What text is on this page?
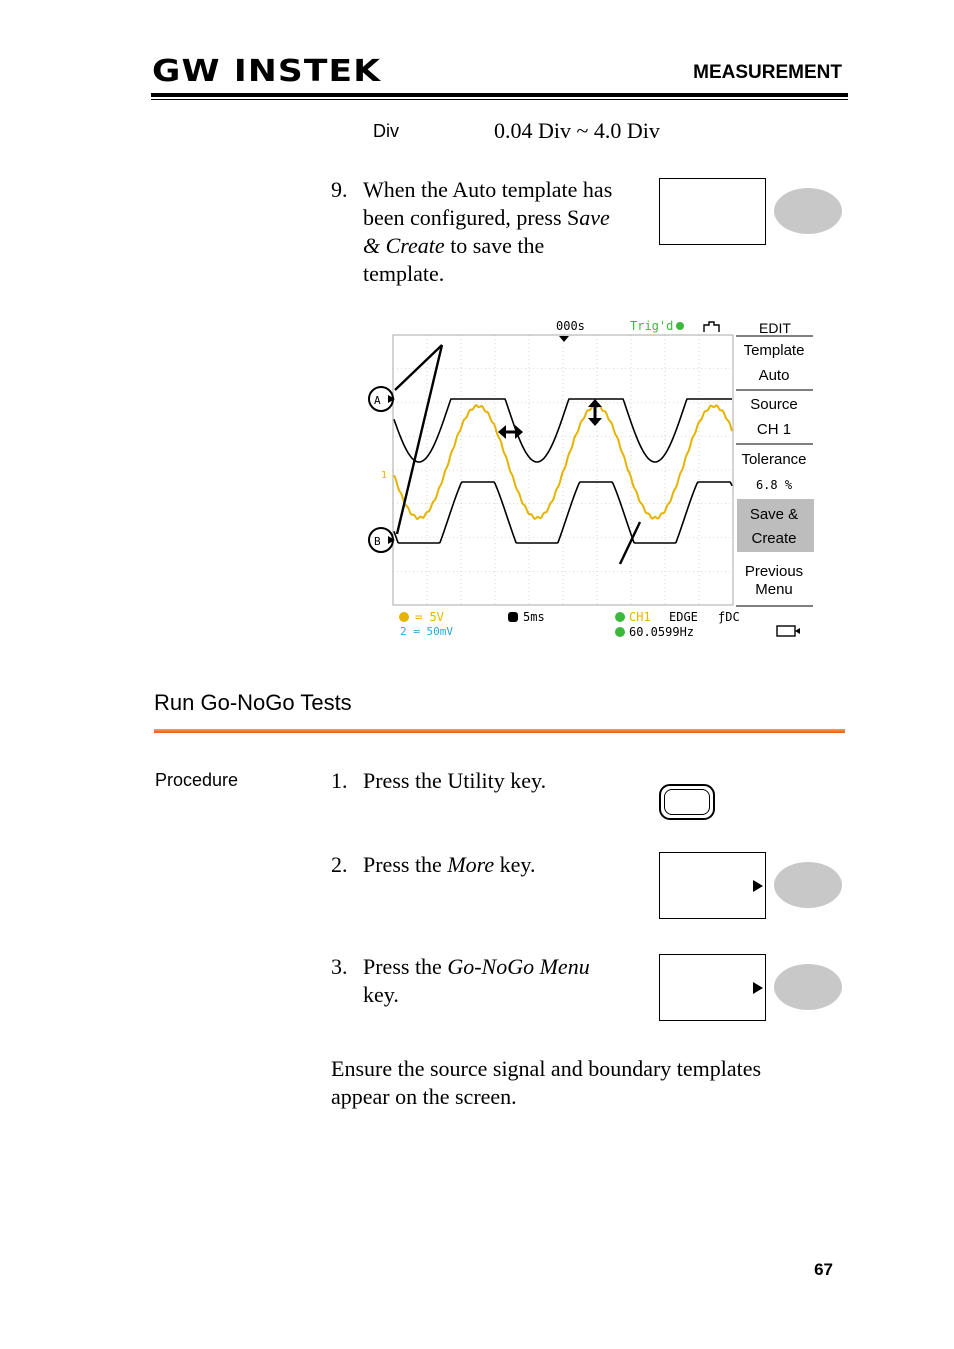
GW INSTEK	MEASUREMENT
Div	0.04 Div ~ 4.0 Div
9. When the Auto template has
been configured, press Save
& Create to save the
template.
000s	Trig'd
A
B
1
EDIT
Template
Auto
Source
CH 1
Tolerance
6.8 %
Save &
Create
Previous
Menu
≕ 5V
2 ≕ 50mV
5ms	CH1 EDGE ƒDC
60.0599Hz
Run Go-NoGo Tests
Procedure	1. Press the Utility key.
2. Press the More key.
3. Press the Go-NoGo Menu
key.
Ensure the source signal and boundary templates
appear on the screen.
67
